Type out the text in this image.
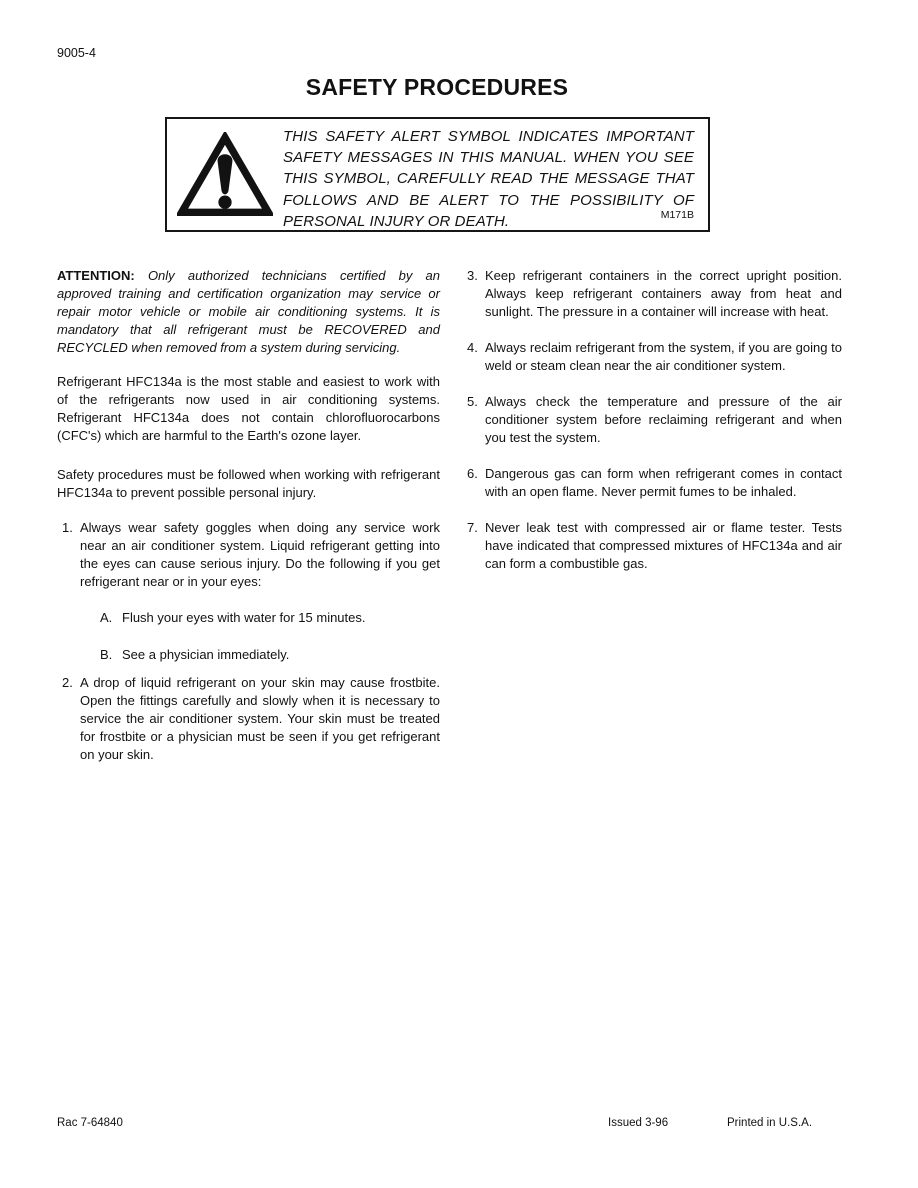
9005-4
SAFETY PROCEDURES

THIS SAFETY ALERT SYMBOL INDICATES IMPORTANT SAFETY MESSAGES IN THIS MANUAL. WHEN YOU SEE THIS SYMBOL, CAREFULLY READ THE MESSAGE THAT FOLLOWS AND BE ALERT TO THE POSSIBILITY OF PERSONAL INJURY OR DEATH.	M171B

ATTENTION: Only authorized technicians certified by an approved training and certification organization may service or repair motor vehicle or mobile air conditioning systems. It is mandatory that all refrigerant must be RECOVERED and RECYCLED when removed from a system during servicing.

Refrigerant HFC134a is the most stable and easiest to work with of the refrigerants now used in air conditioning systems. Refrigerant HFC134a does not contain chlorofluorocarbons (CFC's) which are harmful to the Earth's ozone layer.

Safety procedures must be followed when working with refrigerant HFC134a to prevent possible personal injury.

1. Always wear safety goggles when doing any service work near an air conditioner system. Liquid refrigerant getting into the eyes can cause serious injury. Do the following if you get refrigerant near or in your eyes:
A. Flush your eyes with water for 15 minutes.
B. See a physician immediately.
2. A drop of liquid refrigerant on your skin may cause frostbite. Open the fittings carefully and slowly when it is necessary to service the air conditioner system. Your skin must be treated for frostbite or a physician must be seen if you get refrigerant on your skin.
3. Keep refrigerant containers in the correct upright position. Always keep refrigerant containers away from heat and sunlight. The pressure in a container will increase with heat.
4. Always reclaim refrigerant from the system, if you are going to weld or steam clean near the air conditioner system.
5. Always check the temperature and pressure of the air conditioner system before reclaiming refrigerant and when you test the system.
6. Dangerous gas can form when refrigerant comes in contact with an open flame. Never permit fumes to be inhaled.
7. Never leak test with compressed air or flame tester. Tests have indicated that compressed mixtures of HFC134a and air can form a combustible gas.
Rac 7-64840	Issued 3-96	Printed in U.S.A.
